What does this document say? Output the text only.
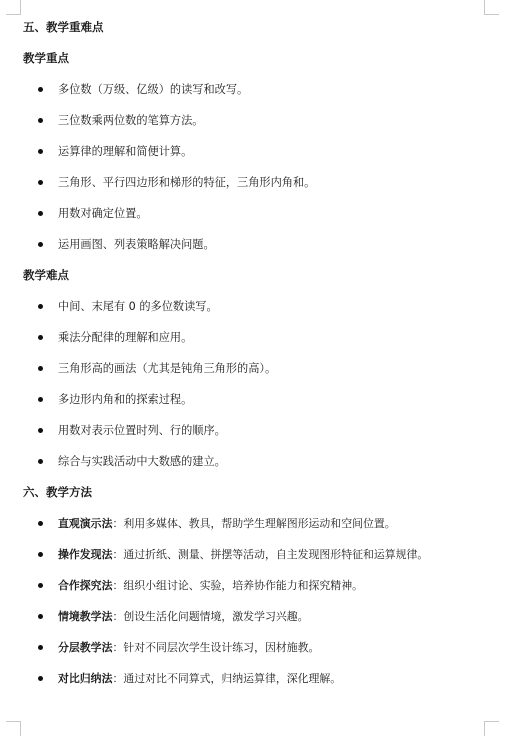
五、教学重难点
教学重点
多位数（万级、亿级）的读写和改写。
三位数乘两位数的笔算方法。
运算律的理解和简便计算。
三角形、平行四边形和梯形的特征，三角形内角和。
用数对确定位置。
运用画图、列表策略解决问题。
教学难点
中间、末尾有 0 的多位数读写。
乘法分配律的理解和应用。
三角形高的画法（尤其是钝角三角形的高）。
多边形内角和的探索过程。
用数对表示位置时列、行的顺序。
综合与实践活动中大数感的建立。
六、教学方法
直观演示法：利用多媒体、教具，帮助学生理解图形运动和空间位置。
操作发现法：通过折纸、测量、拼摆等活动，自主发现图形特征和运算规律。
合作探究法：组织小组讨论、实验，培养协作能力和探究精神。
情境教学法：创设生活化问题情境，激发学习兴趣。
分层教学法：针对不同层次学生设计练习，因材施教。
对比归纳法：通过对比不同算式，归纳运算律，深化理解。
